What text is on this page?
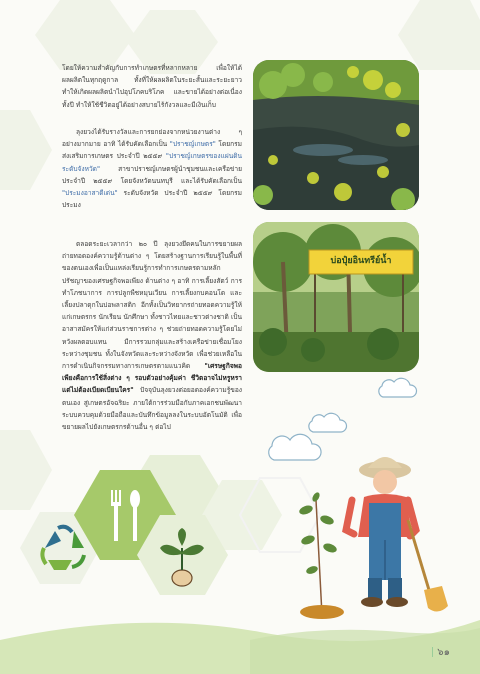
โดยให้ความสำคัญกับการทำเกษตรที่หลากหลาย เพื่อให้ได้ผลผลิตในทุกฤดูกาล ทั้งที่ให้ผลผลิตในระยะสั้นและระยะยาว ทำให้เกิดผลผลิตนำไปอุปโภคบริโภค และขายได้อย่างต่อเนื่อง ทั้งปี ทำให้ใช้ชีวิตอยู่ได้อย่างสบายไร้กังวลและมีเงินเก็บ

ลุงยวงได้รับรางวัลและการยกย่องจากหน่วยงานต่าง ๆ อย่างมากมาย อาทิ ได้รับคัดเลือกเป็น "ปราชญ์เกษตร" โดยกรมส่งเสริมการเกษตร ประจำปี ๒๕๕๙ "ปราชญ์เกษตรของแผ่นดินระดับจังหวัด" สาขาปราชญ์เกษตรผู้นำชุมชนและเครือข่าย ประจำปี ๒๕๕๙ โดยจังหวัดนนทบุรี และได้รับคัดเลือกเป็น "ประมงอาสาดีเด่น" ระดับจังหวัด ประจำปี ๒๕๕๙ โดยกรมประมง

ตลอดระยะเวลากว่า ๒๐ ปี ลุงยวงยึดคนในการขยายผลถ่ายทอดองค์ความรู้ด้านต่าง ๆ โดยสร้างฐานการเรียนรู้ในพื้นที่ของตนเองเพื่อเป็นแหล่งเรียนรู้การทำการเกษตรตามหลักปรัชญาของเศรษฐกิจพอเพียง ด้านต่าง ๆ อาทิ การเลี้ยงสัตว์ การทำโภชนาการ การปลูกพืชหมุนเวียน การเลี้ยงกบคอนโด และเลี้ยงปลาดุกในบ่อพลาสติก อีกทั้งเป็นวิทยากรถ่ายทอดความรู้ให้แก่เกษตรกร นักเรียน นักศึกษา ทั้งชาวไทยและชาวต่างชาติ เป็นอาสาสมัครให้แก่ส่วนราชการต่าง ๆ ช่วยถ่ายทอดความรู้โดยไม่หวังผลตอบแทน มีการรวมกลุ่มและสร้างเครือข่ายเชื่อมโยงระหว่างชุมชน ทั้งในจังหวัดและระหว่างจังหวัด เพื่อช่วยเหลือในการดำเนินกิจกรรมทางการเกษตรตามแนวคิด "เศรษฐกิจพอเพียงคือการใช้สิ่งต่าง ๆ รอบตัวอย่างคุ้มค่า ชีวิตอาจไม่หรูหราแต่ไม่ต้องเบียดเบียนใคร" ปัจจุบันลุงยวงต่อยอดองค์ความรู้ของตนเอง สู่เกษตรอัจฉริยะ ภายใต้การร่วมมือกับภาคเอกชนพัฒนาระบบควบคุมด้วยมือถือและบันทึกข้อมูลลงในระบบอัตโนมัติ เพื่อขยายผลไปยังเกษตรกรด้านอื่น ๆ ต่อไป

บ่อปุ๋ยอินทรีย์น้ำ
๖๑
